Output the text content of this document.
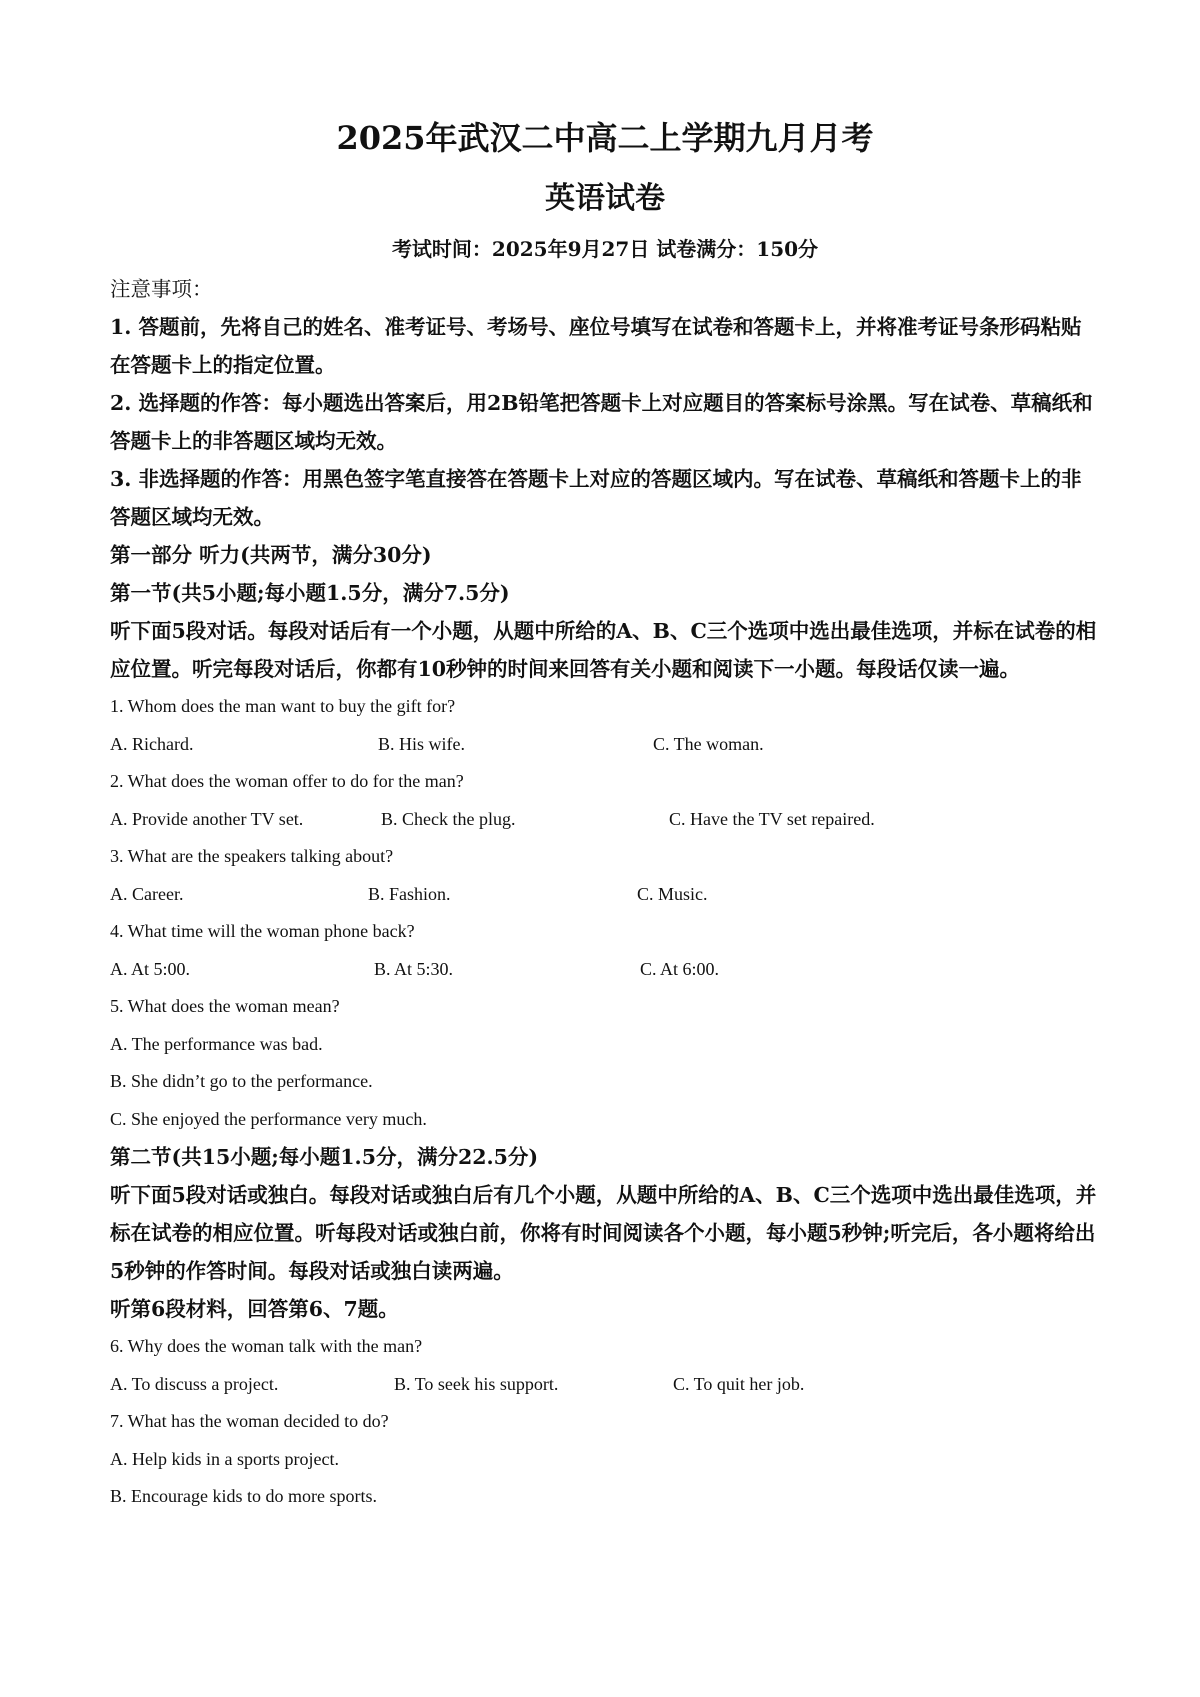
2025年武汉二中高二上学期九月月考
英语试卷
考试时间：2025年9月27日 试卷满分：150分

注意事项：

1. 答题前，先将自己的姓名、准考证号、考场号、座位号填写在试卷和答题卡上，并将准考证号条形码粘贴在答题卡上的指定位置。

2. 选择题的作答：每小题选出答案后，用2B铅笔把答题卡上对应题目的答案标号涂黑。写在试卷、草稿纸和答题卡上的非答题区域均无效。

3. 非选择题的作答：用黑色签字笔直接答在答题卡上对应的答题区域内。写在试卷、草稿纸和答题卡上的非答题区域均无效。

第一部分 听力(共两节，满分30分)

第一节(共5小题;每小题1.5分，满分7.5分)

听下面5段对话。每段对话后有一个小题，从题中所给的A、B、C三个选项中选出最佳选项，并标在试卷的相应位置。听完每段对话后，你都有10秒钟的时间来回答有关小题和阅读下一小题。每段话仅读一遍。

1. Whom does the man want to buy the gift for?

A. Richard.	B. His wife.	C. The woman.

2. What does the woman offer to do for the man?

A. Provide another TV set.	B. Check the plug.	C. Have the TV set repaired.

3. What are the speakers talking about?

A. Career.	B. Fashion.	C. Music.

4. What time will the woman phone back?

A. At 5:00.	B. At 5:30.	C. At 6:00.

5. What does the woman mean?

A. The performance was bad.

B. She didn’t go to the performance.

C. She enjoyed the performance very much.

第二节(共15小题;每小题1.5分，满分22.5分)

听下面5段对话或独白。每段对话或独白后有几个小题，从题中所给的A、B、C三个选项中选出最佳选项，并标在试卷的相应位置。听每段对话或独白前，你将有时间阅读各个小题，每小题5秒钟;听完后，各小题将给出5秒钟的作答时间。每段对话或独白读两遍。

听第6段材料，回答第6、7题。

6. Why does the woman talk with the man?

A. To discuss a project.	B. To seek his support.	C. To quit her job.

7. What has the woman decided to do?

A. Help kids in a sports project.

B. Encourage kids to do more sports.
